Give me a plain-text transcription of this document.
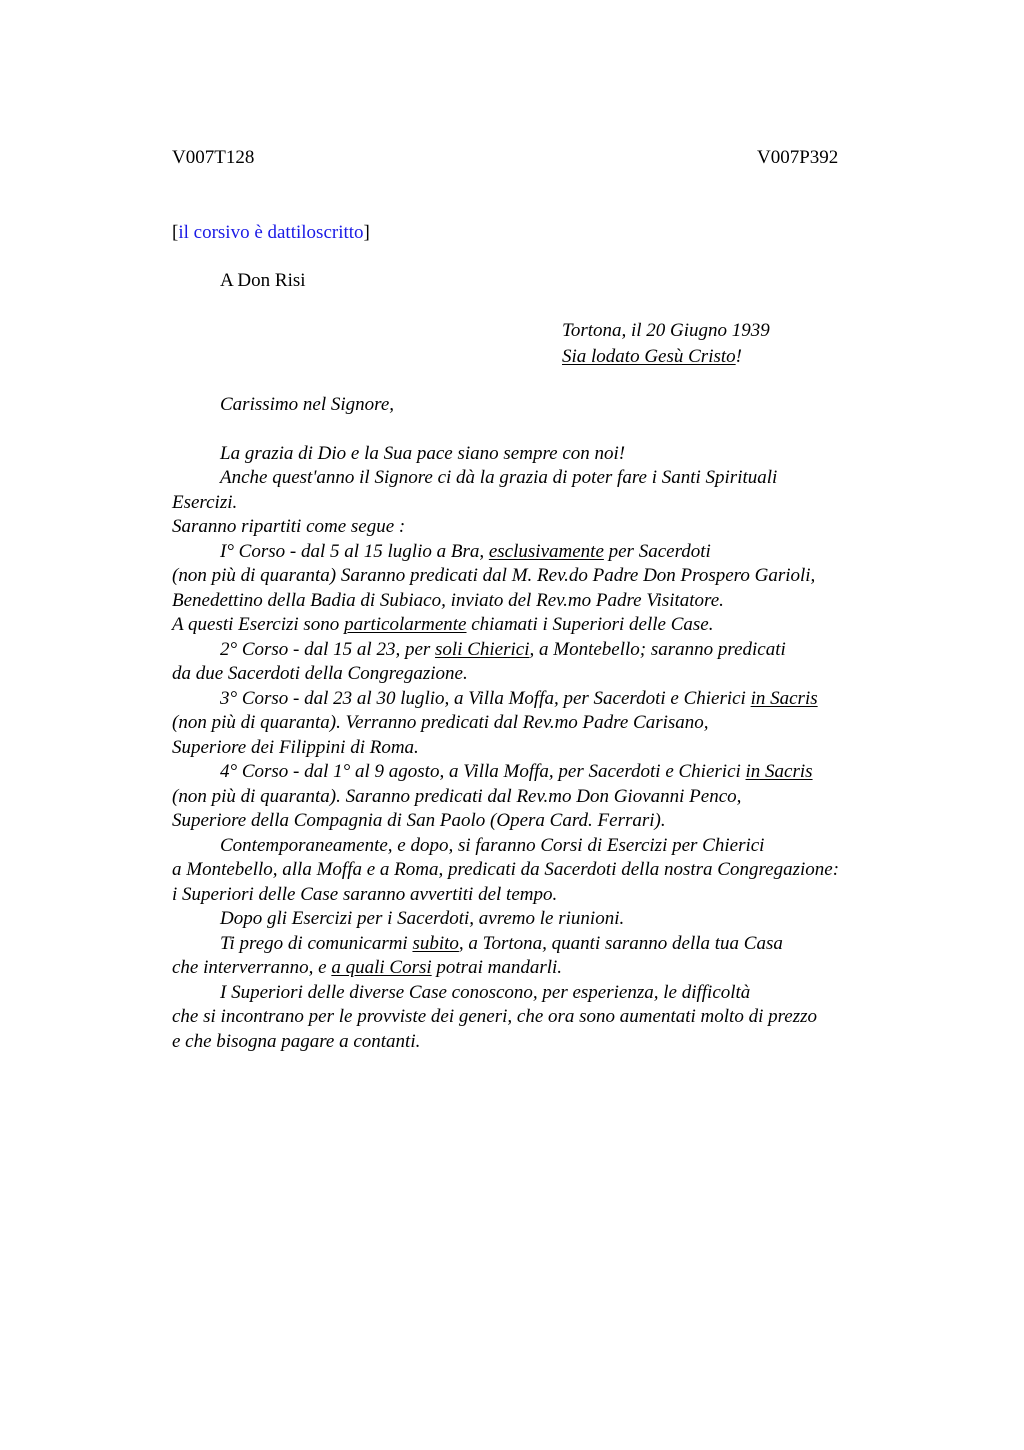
V007T128	V007P392
[il corsivo è dattiloscritto]
A Don Risi
Tortona, il 20 Giugno 1939
Sia lodato Gesù Cristo!
Carissimo nel Signore,
La grazia di Dio e la Sua pace siano sempre con noi!
Anche quest'anno il Signore ci dà la grazia di poter fare i Santi Spirituali
Esercizi.
Saranno ripartiti come segue :
I° Corso - dal 5 al 15 luglio a Bra, esclusivamente per Sacerdoti
(non più di quaranta) Saranno predicati dal M. Rev.do Padre Don Prospero Garioli,
Benedettino della Badia di Subiaco, inviato del Rev.mo Padre Visitatore.
A questi Esercizi sono particolarmente chiamati i Superiori delle Case.
2° Corso - dal 15 al 23, per soli Chierici, a Montebello; saranno predicati
da due Sacerdoti della Congregazione.
3° Corso - dal 23 al 30 luglio, a Villa Moffa, per Sacerdoti e Chierici in Sacris
(non più di quaranta). Verranno predicati dal Rev.mo Padre Carisano,
Superiore dei Filippini di Roma.
4° Corso - dal 1° al 9 agosto, a Villa Moffa, per Sacerdoti e Chierici in Sacris
(non più di quaranta). Saranno predicati dal Rev.mo Don Giovanni Penco,
Superiore della Compagnia di San Paolo (Opera Card. Ferrari).
Contemporaneamente, e dopo, si faranno Corsi di Esercizi per Chierici
a Montebello, alla Moffa e a Roma, predicati da Sacerdoti della nostra Congregazione:
i Superiori delle Case saranno avvertiti del tempo.
Dopo gli Esercizi per i Sacerdoti, avremo le riunioni.
Ti prego di comunicarmi subito, a Tortona, quanti saranno della tua Casa
che interverranno, e a quali Corsi potrai mandarli.
I Superiori delle diverse Case conoscono, per esperienza, le difficoltà
che si incontrano per le provviste dei generi, che ora sono aumentati molto di prezzo
e che bisogna pagare a contanti.
